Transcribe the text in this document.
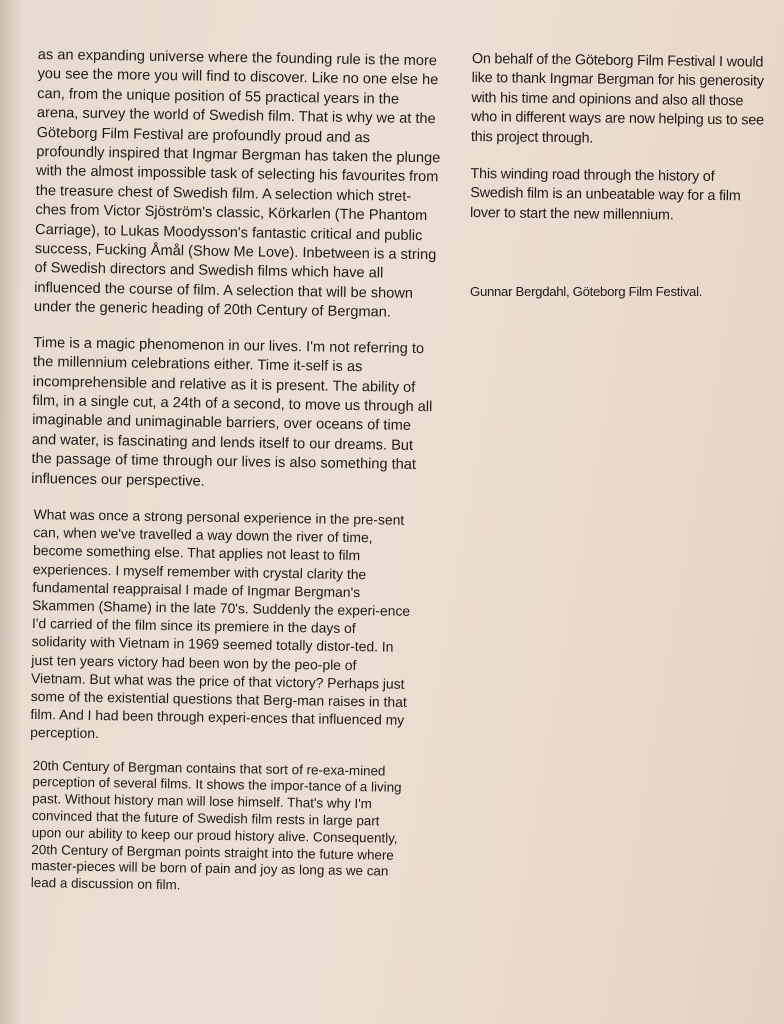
as an expanding universe where the founding rule is the more you see the more you will find to discover. Like no one else he can, from the unique position of 55 practical years in the arena, survey the world of Swedish film. That is why we at the Göteborg Film Festival are profoundly proud and as profoundly inspired that Ingmar Bergman has taken the plunge with the almost impossible task of selecting his favourites from the treasure chest of Swedish film. A selection which stret-ches from Victor Sjöström's classic, Körkarlen (The Phantom Carriage), to Lukas Moodysson's fantastic critical and public success, Fucking Åmål (Show Me Love). Inbetween is a string of Swedish directors and Swedish films which have all influenced the course of film. A selection that will be shown under the generic heading of 20th Century of Bergman.

Time is a magic phenomenon in our lives. I'm not referring to the millennium celebrations either. Time it-self is as incomprehensible and relative as it is present. The ability of film, in a single cut, a 24th of a second, to move us through all imaginable and unimaginable barriers, over oceans of time and water, is fascinating and lends itself to our dreams. But the passage of time through our lives is also something that influences our perspective.

What was once a strong personal experience in the pre-sent can, when we've travelled a way down the river of time, become something else. That applies not least to film experiences. I myself remember with crystal clarity the fundamental reappraisal I made of Ingmar Bergman's Skammen (Shame) in the late 70's. Suddenly the experi-ence I'd carried of the film since its premiere in the days of solidarity with Vietnam in 1969 seemed totally distor-ted. In just ten years victory had been won by the peo-ple of Vietnam. But what was the price of that victory? Perhaps just some of the existential questions that Berg-man raises in that film. And I had been through experi-ences that influenced my perception.

20th Century of Bergman contains that sort of re-exa-mined perception of several films. It shows the impor-tance of a living past. Without history man will lose himself. That's why I'm convinced that the future of Swedish film rests in large part upon our ability to keep our proud history alive. Consequently, 20th Century of Bergman points straight into the future where master-pieces will be born of pain and joy as long as we can lead a discussion on film.

On behalf of the Göteborg Film Festival I would like to thank Ingmar Bergman for his generosity with his time and opinions and also all those who in different ways are now helping us to see this project through.

This winding road through the history of Swedish film is an unbeatable way for a film lover to start the new millennium.

Gunnar Bergdahl, Göteborg Film Festival.
